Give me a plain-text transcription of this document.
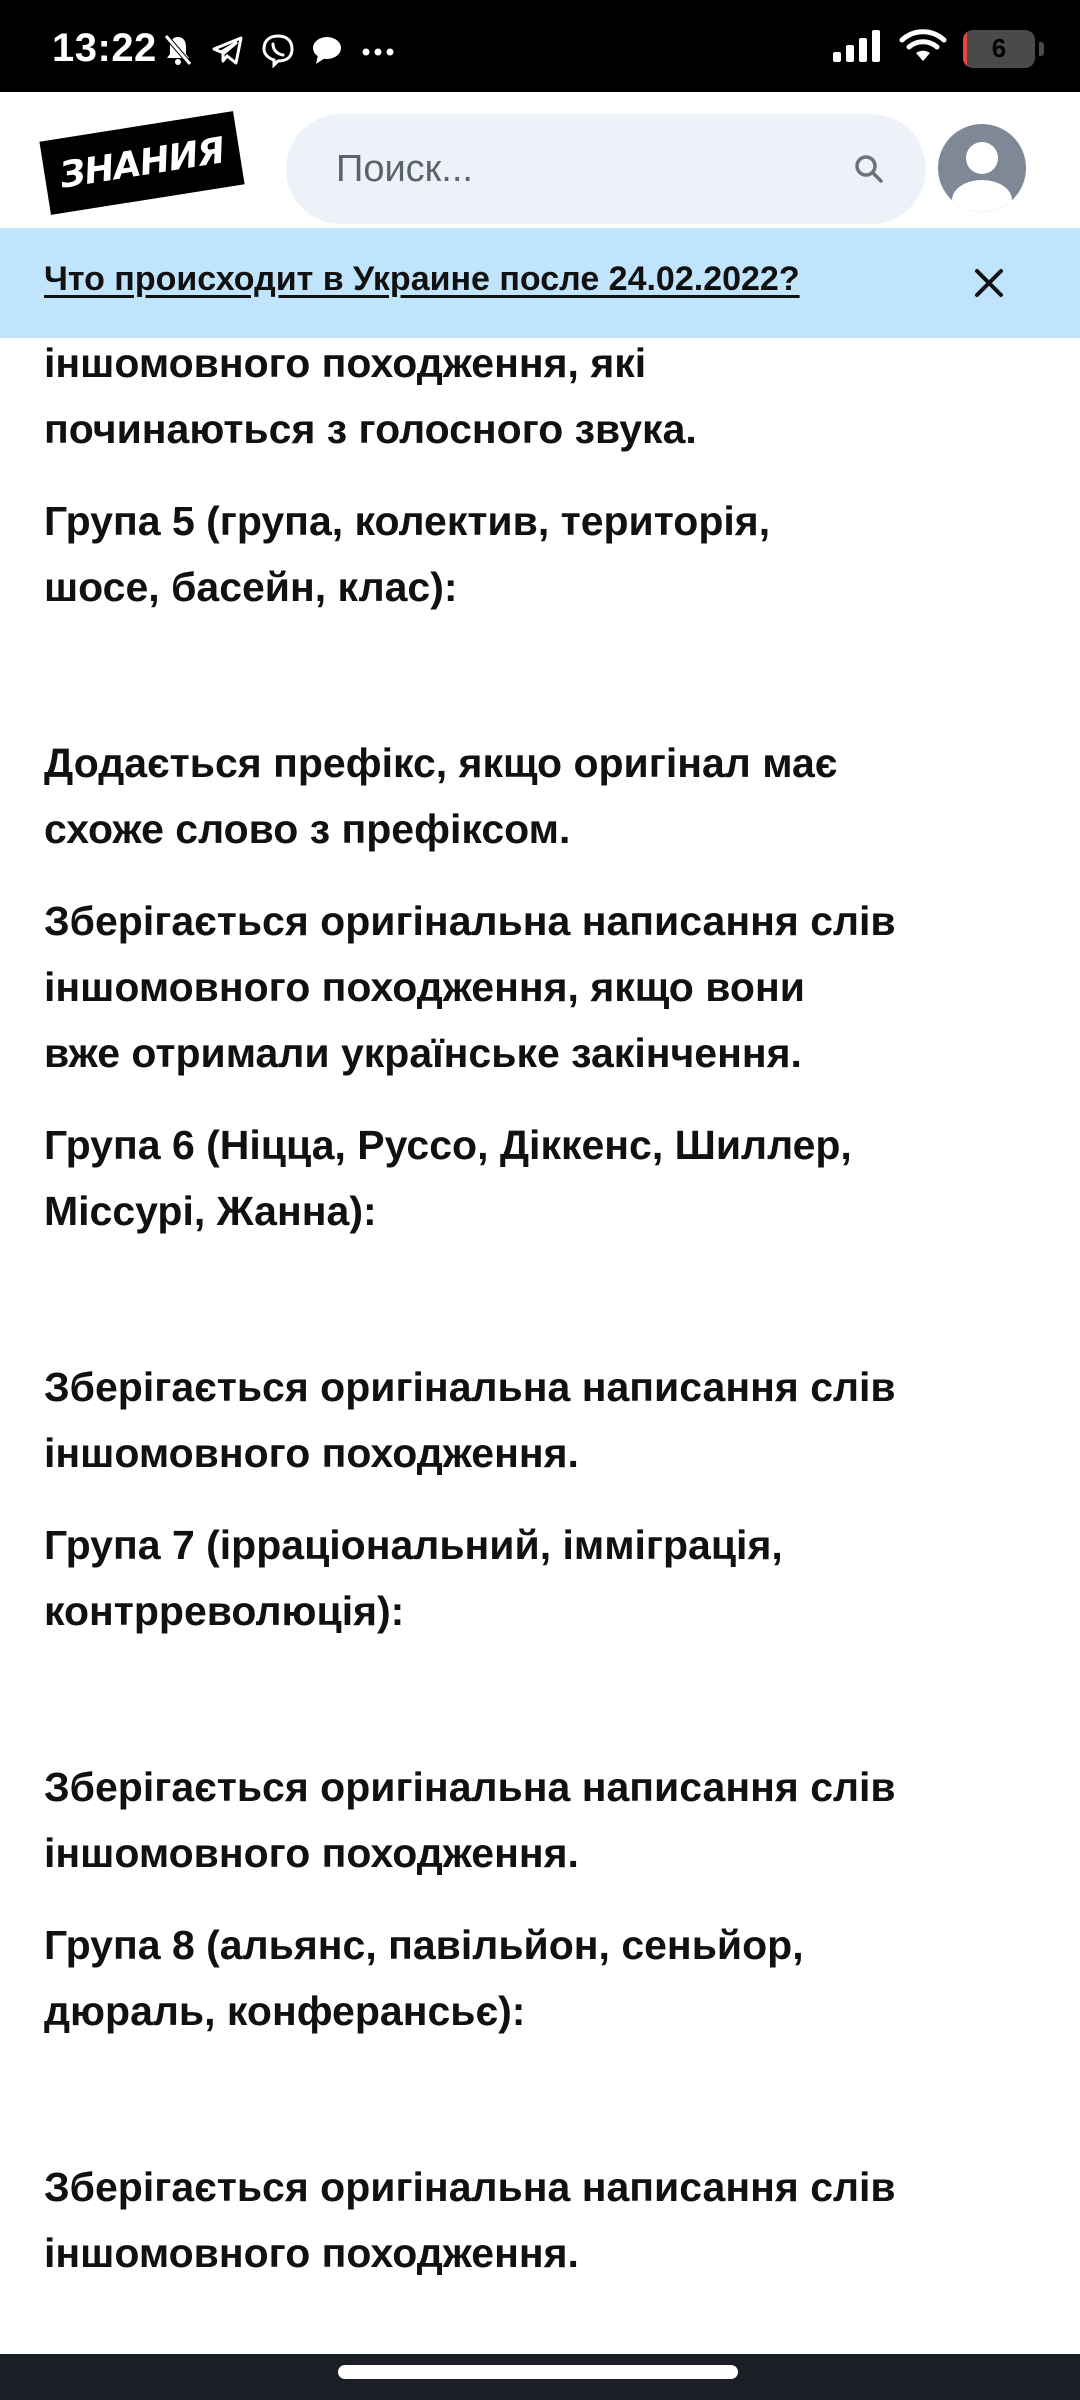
13:22	6
ЗНАНИЯ
Поиск...
Что происходит в Украине после 24.02.2022?
іншомовного походження, які
починаються з голосного звука.
Група 5 (група, колектив, територія,
шосе, басейн, клас):
Додається префікс, якщо оригінал має
схоже слово з префіксом.
Зберігається оригінальна написання слів
іншомовного походження, якщо вони
вже отримали українське закінчення.
Група 6 (Ніцца, Руссо, Діккенс, Шиллер,
Міссурі, Жанна):
Зберігається оригінальна написання слів
іншомовного походження.
Група 7 (ірраціональний, імміграція,
контрреволюція):
Зберігається оригінальна написання слів
іншомовного походження.
Група 8 (альянс, павільйон, сеньйор,
дюраль, конферансьє):
Зберігається оригінальна написання слів
іншомовного походження.
